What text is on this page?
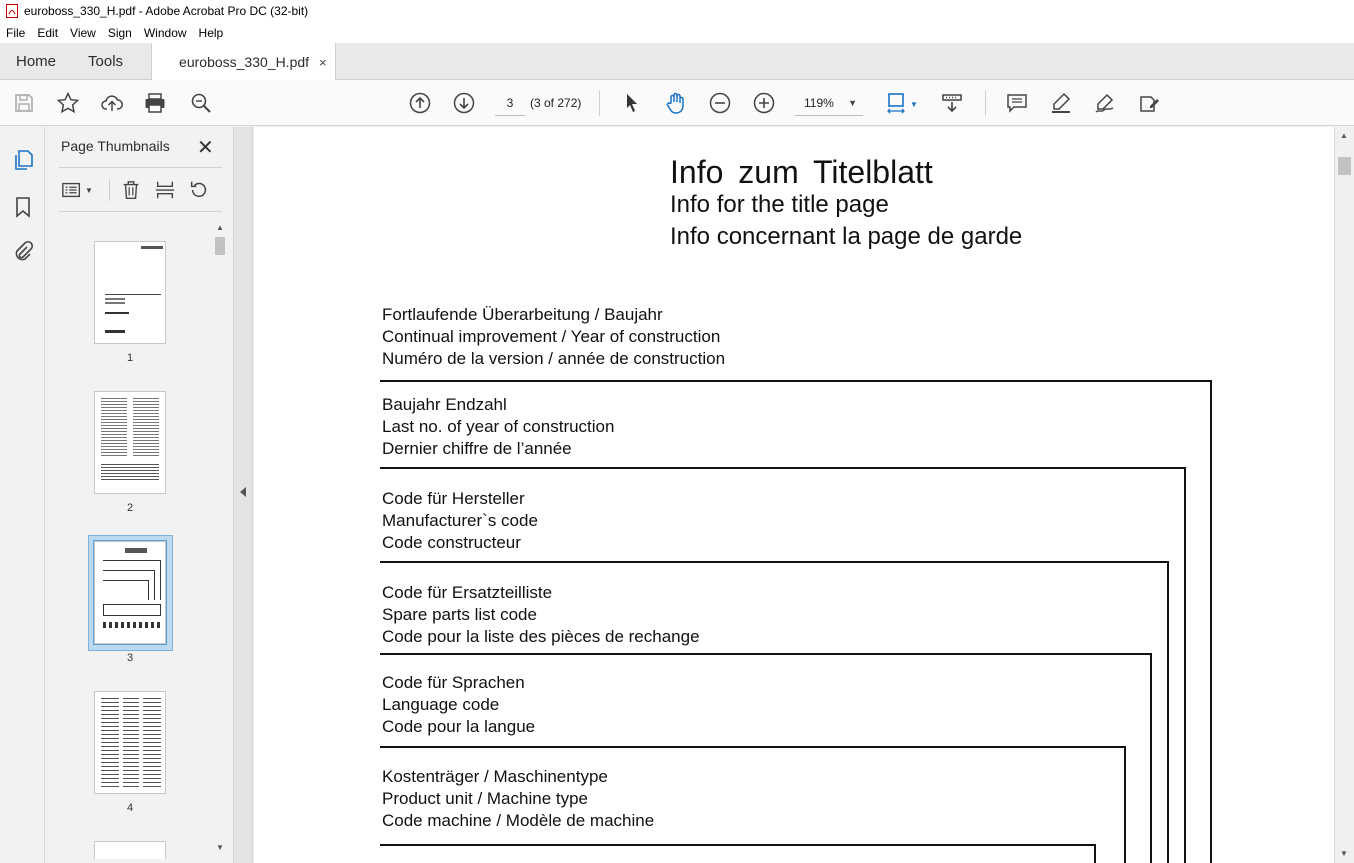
euroboss_330_H.pdf - Adobe Acrobat Pro DC (32-bit)
File	Edit	View	Sign	Window	Help
Home	Tools	euroboss_330_H.pdf ×
3	(3 of 272)	119% ▼	▼
Page Thumbnails ✕
▼
1
2
3
4
▲
▼
Info zum Titelblatt
Info for the title page
Info concernant la page de garde
Fortlaufende Überarbeitung / Baujahr
Continual improvement / Year of construction
Numéro de la version / année de construction
Baujahr Endzahl
Last no. of year of construction
Dernier chiffre de l’année
Code für Hersteller
Manufacturer`s code
Code constructeur
Code für Ersatzteilliste
Spare parts list code
Code pour la liste des pièces de rechange
Code für Sprachen
Language code
Code pour la langue
Kostenträger / Maschinentype
Product unit / Machine type
Code machine / Modèle de machine
▲
▼
